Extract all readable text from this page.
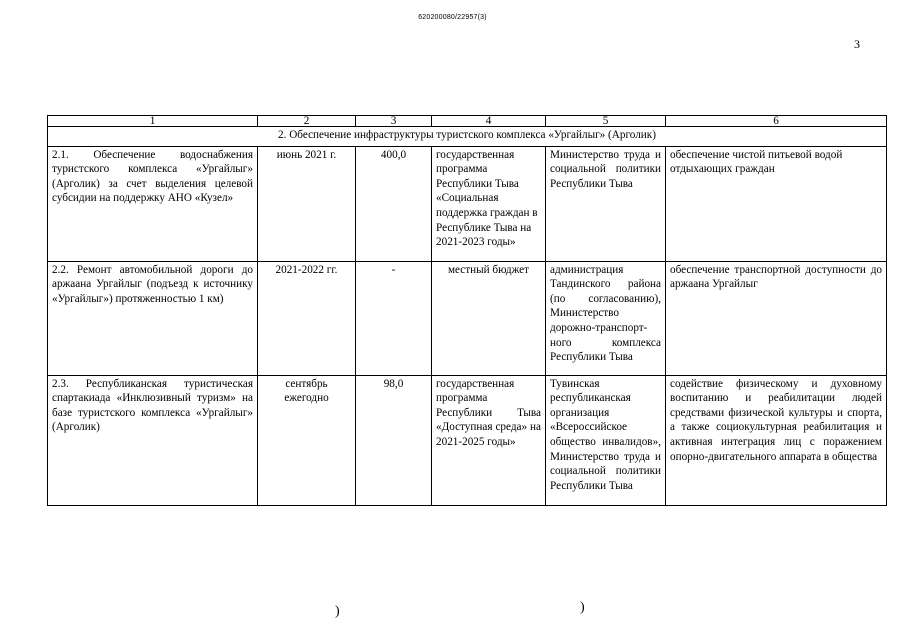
620200080/22957(3)
3
1	2	3	4	5	6
2. Обеспечение инфраструктуры туристского комплекса «Ургайлыг» (Арголик)					
2.1. Обеспечение водоснабжения туристского комплекса «Ургайлыг» (Арголик) за счет выделения целевой субсидии на поддержку АНО «Кузел»	июнь 2021 г.	400,0	государственная программа Республики Тыва «Социальная поддержка граждан в Республике Тыва на 2021-2023 годы»	Министерство труда и социальной политики Республики Тыва	обеспечение чистой питьевой водой отдыхающих граждан
2.2. Ремонт автомобильной дороги до аржаана Ургайлыг (подъезд к источнику «Ургайлыг») протяженностью 1 км)	2021-2022 гг.	-	местный бюджет	администрация Тандинского района (по согласованию), Министерство дорожно-транспорт-ного комплекса Республики Тыва	обеспечение транспортной доступности до аржаана Ургайлыг
2.3. Республиканская туристическая спартакиада «Инклюзивный туризм» на базе туристского комплекса «Ургайлыг» (Арголик)	сентябрь ежегодно	98,0	государственная программа Республики Тыва «Доступная среда» на 2021-2025 годы»	Тувинская республиканская организация «Всероссийское общество инвалидов», Министерство труда и социальной политики Республики Тыва	содействие физическому и духовному воспитанию и реабилитации людей средствами физической культуры и спорта, а также социокультурная реабилитация и активная интеграция лиц с поражением опорно-двигательного аппарата в общества
)	)
